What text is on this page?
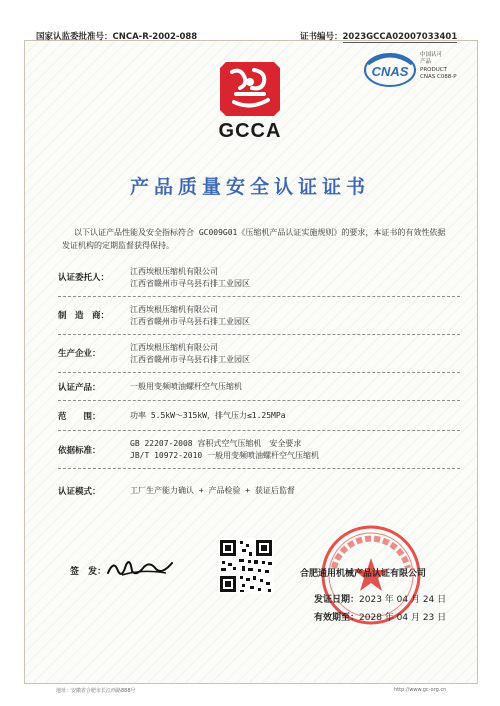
国家认监委批准号：CNCA-R-2002-088	证书编号：2023GCCA02007033401
GCCA
CNAS
中国认可
产品
PRODUCT
CNAS C088-P
产品质量安全认证证书
以下认证产品性能及安全指标符合 GC009G01《压缩机产品认证实施规则》的要求，本证书的有效性依据发证机构的定期监督获得保持。
认证委托人：
江西埃根压缩机有限公司
江西省赣州市寻乌县石排工业园区
制　造　商：
江西埃根压缩机有限公司
江西省赣州市寻乌县石排工业园区
生产企业：
江西埃根压缩机有限公司
江西省赣州市寻乌县石排工业园区
认证产品：	一般用变频喷油螺杆空气压缩机
范　　围：	功率 5.5kW～315kW，排气压力≤1.25MPa
依据标准：
GB 22207-2008 容积式空气压缩机　安全要求
JB/T 10972-2010 一般用变频喷油螺杆空气压缩机
认证模式：	工厂生产能力确认 + 产品检验 + 获证后监督
签　发：	合肥通用机械产品认证有限公司
发证日期：2023 年 04 月 24 日
有效期至：2028 年 04 月 23 日
地址：安徽省合肥市长江西路888号	http://www.gc-org.cn
